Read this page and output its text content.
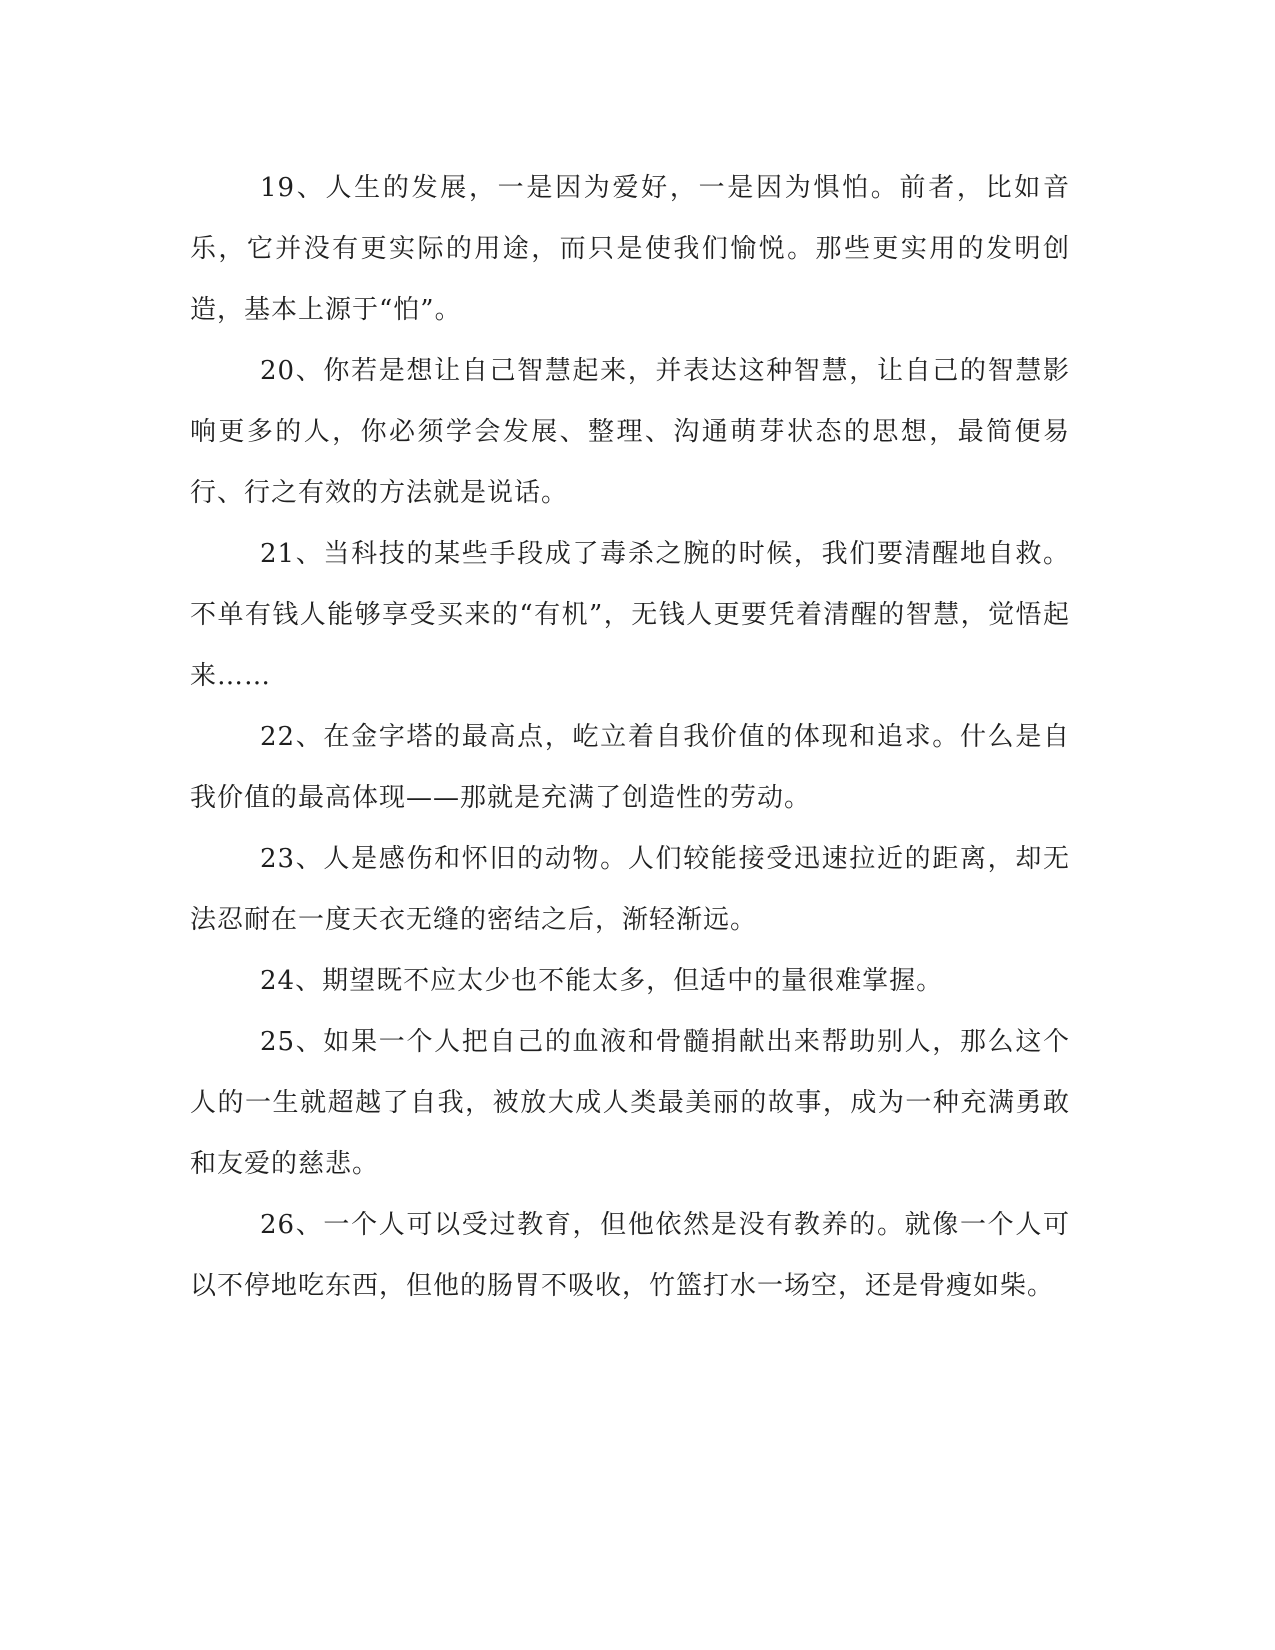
19、人生的发展，一是因为爱好，一是因为惧怕。前者，比如音乐，它并没有更实际的用途，而只是使我们愉悦。那些更实用的发明创造，基本上源于“怕”。

20、你若是想让自己智慧起来，并表达这种智慧，让自己的智慧影响更多的人，你必须学会发展、整理、沟通萌芽状态的思想，最简便易行、行之有效的方法就是说话。

21、当科技的某些手段成了毒杀之腕的时候，我们要清醒地自救。不单有钱人能够享受买来的“有机”，无钱人更要凭着清醒的智慧，觉悟起来……

22、在金字塔的最高点，屹立着自我价值的体现和追求。什么是自我价值的最高体现——那就是充满了创造性的劳动。

23、人是感伤和怀旧的动物。人们较能接受迅速拉近的距离，却无法忍耐在一度天衣无缝的密结之后，渐轻渐远。

24、期望既不应太少也不能太多，但适中的量很难掌握。

25、如果一个人把自己的血液和骨髓捐献出来帮助别人，那么这个人的一生就超越了自我，被放大成人类最美丽的故事，成为一种充满勇敢和友爱的慈悲。

26、一个人可以受过教育，但他依然是没有教养的。就像一个人可以不停地吃东西，但他的肠胃不吸收，竹篮打水一场空，还是骨瘦如柴。
